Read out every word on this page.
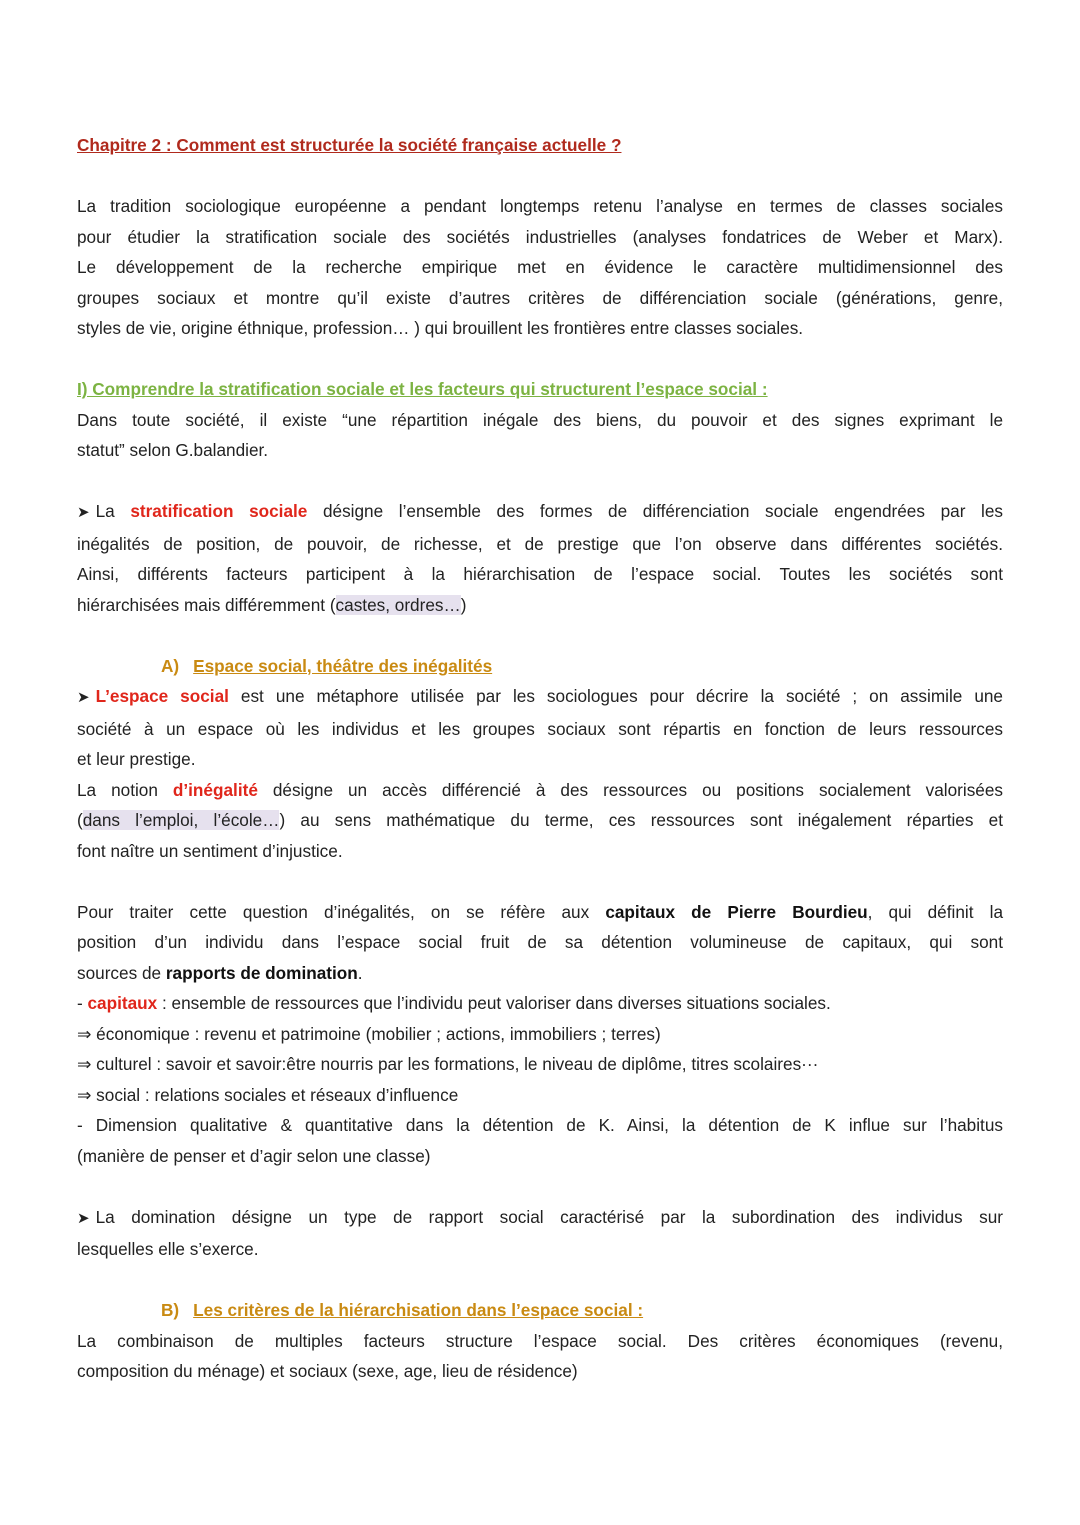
Chapitre 2 : Comment est structurée la société française actuelle ?

La tradition sociologique européenne a pendant longtemps retenu l’analyse en termes de classes sociales

pour étudier la stratification sociale des sociétés industrielles (analyses fondatrices de Weber et Marx).

Le développement de la recherche empirique met en évidence le caractère multidimensionnel des

groupes sociaux et montre qu’il existe d’autres critères de différenciation sociale (générations, genre,

styles de vie, origine éthnique, profession… ) qui brouillent les frontières entre classes sociales.

I) Comprendre la stratification sociale et les facteurs qui structurent l’espace social :

Dans toute société, il existe “une répartition inégale des biens, du pouvoir et des signes exprimant le

statut” selon G.balandier.

➤ La stratification sociale désigne l’ensemble des formes de différenciation sociale engendrées par les

inégalités de position, de pouvoir, de richesse, et de prestige que l’on observe dans différentes sociétés.

Ainsi, différents facteurs participent à la hiérarchisation de l’espace social. Toutes les sociétés sont

hiérarchisées mais différemment (castes, ordres…)

A) Espace social, théâtre des inégalités

➤ L’espace social est une métaphore utilisée par les sociologues pour décrire la société ; on assimile une

société à un espace où les individus et les groupes sociaux sont répartis en fonction de leurs ressources

et leur prestige.

La notion d’inégalité désigne un accès différencié à des ressources ou positions socialement valorisées

(dans l’emploi, l’école…) au sens mathématique du terme, ces ressources sont inégalement réparties et

font naître un sentiment d’injustice.

Pour traiter cette question d’inégalités, on se réfère aux capitaux de Pierre Bourdieu, qui définit la

position d’un individu dans l’espace social fruit de sa détention volumineuse de capitaux, qui sont

sources de rapports de domination.

- capitaux : ensemble de ressources que l’individu peut valoriser dans diverses situations sociales.

⇒ économique : revenu et patrimoine (mobilier ; actions, immobiliers ; terres)

⇒ culturel : savoir et savoir:être nourris par les formations, le niveau de diplôme, titres scolaires···

⇒ social : relations sociales et réseaux d’influence

- Dimension qualitative & quantitative dans la détention de K. Ainsi, la détention de K influe sur l’habitus

(manière de penser et d’agir selon une classe)

➤ La domination désigne un type de rapport social caractérisé par la subordination des individus sur

lesquelles elle s’exerce.

B) Les critères de la hiérarchisation dans l’espace social :

La combinaison de multiples facteurs structure l’espace social. Des critères économiques (revenu,

composition du ménage) et sociaux (sexe, age, lieu de résidence)
